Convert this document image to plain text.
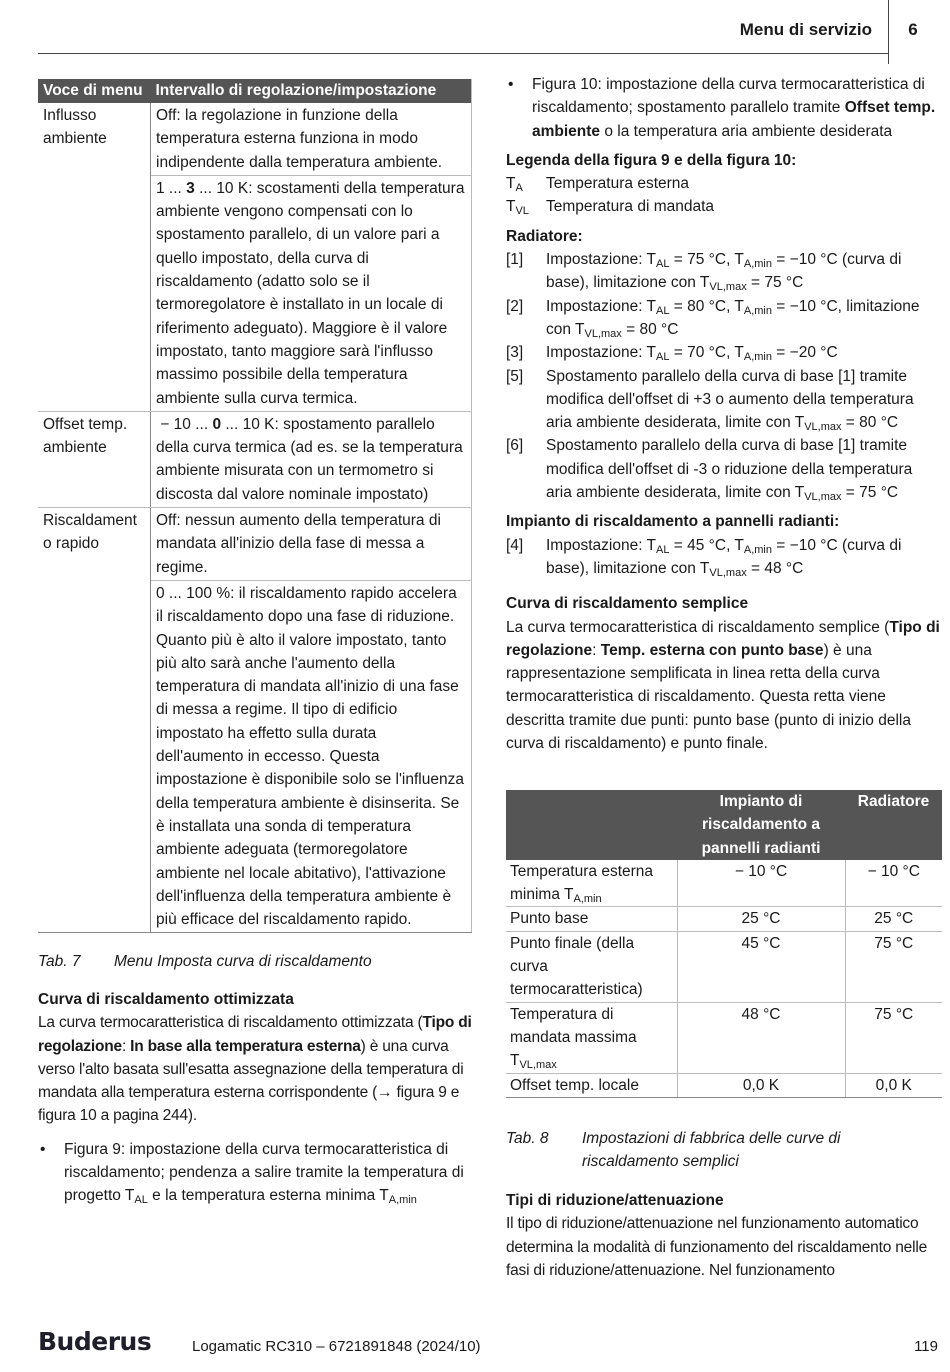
Menu di servizio	6
Voce di menu	Intervallo di regolazione/impostazione
Influsso ambiente	Off: la regolazione in funzione della temperatura esterna funziona in modo indipendente dalla temperatura ambiente.
	1 ... 3 ... 10 K: scostamenti della temperatura ambiente vengono compensati con lo spostamento parallelo, di un valore pari a quello impostato, della curva di riscaldamento (adatto solo se il termoregolatore è installato in un locale di riferimento adeguato). Maggiore è il valore impostato, tanto maggiore sarà l'influsso massimo possibile della temperatura ambiente sulla curva termica.
Offset temp. ambiente	− 10 ... 0 ... 10 K: spostamento parallelo della curva termica (ad es. se la temperatura ambiente misurata con un termometro si discosta dal valore nominale impostato)
Riscaldament o rapido	Off: nessun aumento della temperatura di mandata all'inizio della fase di messa a regime.
	0 ... 100 %: il riscaldamento rapido accelera il riscaldamento dopo una fase di riduzione. Quanto più è alto il valore impostato, tanto più alto sarà anche l'aumento della temperatura di mandata all'inizio di una fase di messa a regime. Il tipo di edificio impostato ha effetto sulla durata dell'aumento in eccesso. Questa impostazione è disponibile solo se l'influenza della temperatura ambiente è disinserita. Se è installata una sonda di temperatura ambiente adeguata (termoregolatore ambiente nel locale abitativo), l'attivazione dell'influenza della temperatura ambiente è più efficace del riscaldamento rapido.
Tab. 7 Menu Imposta curva di riscaldamento
Curva di riscaldamento ottimizzata
La curva termocaratteristica di riscaldamento ottimizzata (Tipo di regolazione: In base alla temperatura esterna) è una curva verso l'alto basata sull'esatta assegnazione della temperatura di mandata alla temperatura esterna corrispondente (→ figura 9 e figura 10 a pagina 244).
• Figura 9: impostazione della curva termocaratteristica di riscaldamento; pendenza a salire tramite la temperatura di progetto $T_{AL}$ e la temperatura esterna minima $T_{A,min}$
• Figura 10: impostazione della curva termocaratteristica di riscaldamento; spostamento parallelo tramite Offset temp. ambiente o la temperatura aria ambiente desiderata
Legenda della figura 9 e della figura 10:
$T_A$ Temperatura esterna
$T_{VL}$ Temperatura di mandata
Radiatore:
[1] Impostazione: $T_{AL} = 75$ °C, $T_{A,min} = -10$ °C (curva di base), limitazione con $T_{VL,max} = 75$ °C
[2] Impostazione: $T_{AL} = 80$ °C, $T_{A,min} = -10$ °C, limitazione con $T_{VL,max} = 80$ °C
[3] Impostazione: $T_{AL} = 70$ °C, $T_{A,min} = -20$ °C
[5] Spostamento parallelo della curva di base [1] tramite modifica dell'offset di +3 o aumento della temperatura aria ambiente desiderata, limite con $T_{VL,max} = 80$ °C
[6] Spostamento parallelo della curva di base [1] tramite modifica dell'offset di -3 o riduzione della temperatura aria ambiente desiderata, limite con $T_{VL,max} = 75$ °C
Impianto di riscaldamento a pannelli radianti:
[4] Impostazione: $T_{AL} = 45$ °C, $T_{A,min} = -10$ °C (curva di base), limitazione con $T_{VL,max} = 48$ °C
Curva di riscaldamento semplice
La curva termocaratteristica di riscaldamento semplice (Tipo di regolazione: Temp. esterna con punto base) è una rappresentazione semplificata in linea retta della curva termocaratteristica di riscaldamento. Questa retta viene descritta tramite due punti: punto base (punto di inizio della curva di riscaldamento) e punto finale.
	Impianto di riscaldamento a pannelli radianti	Radiatore
Temperatura esterna minima $T_{A,min}$	− 10 °C	− 10 °C
Punto base	25 °C	25 °C
Punto finale (della curva termocaratteristica)	45 °C	75 °C
Temperatura di mandata massima $T_{VL,max}$	48 °C	75 °C
Offset temp. locale	0,0 K	0,0 K
Tab. 8 Impostazioni di fabbrica delle curve di riscaldamento semplici
Tipi di riduzione/attenuazione
Il tipo di riduzione/attenuazione nel funzionamento automatico determina la modalità di funzionamento del riscaldamento nelle fasi di riduzione/attenuazione. Nel funzionamento
Buderus	Logamatic RC310 – 6721891848 (2024/10)	119
